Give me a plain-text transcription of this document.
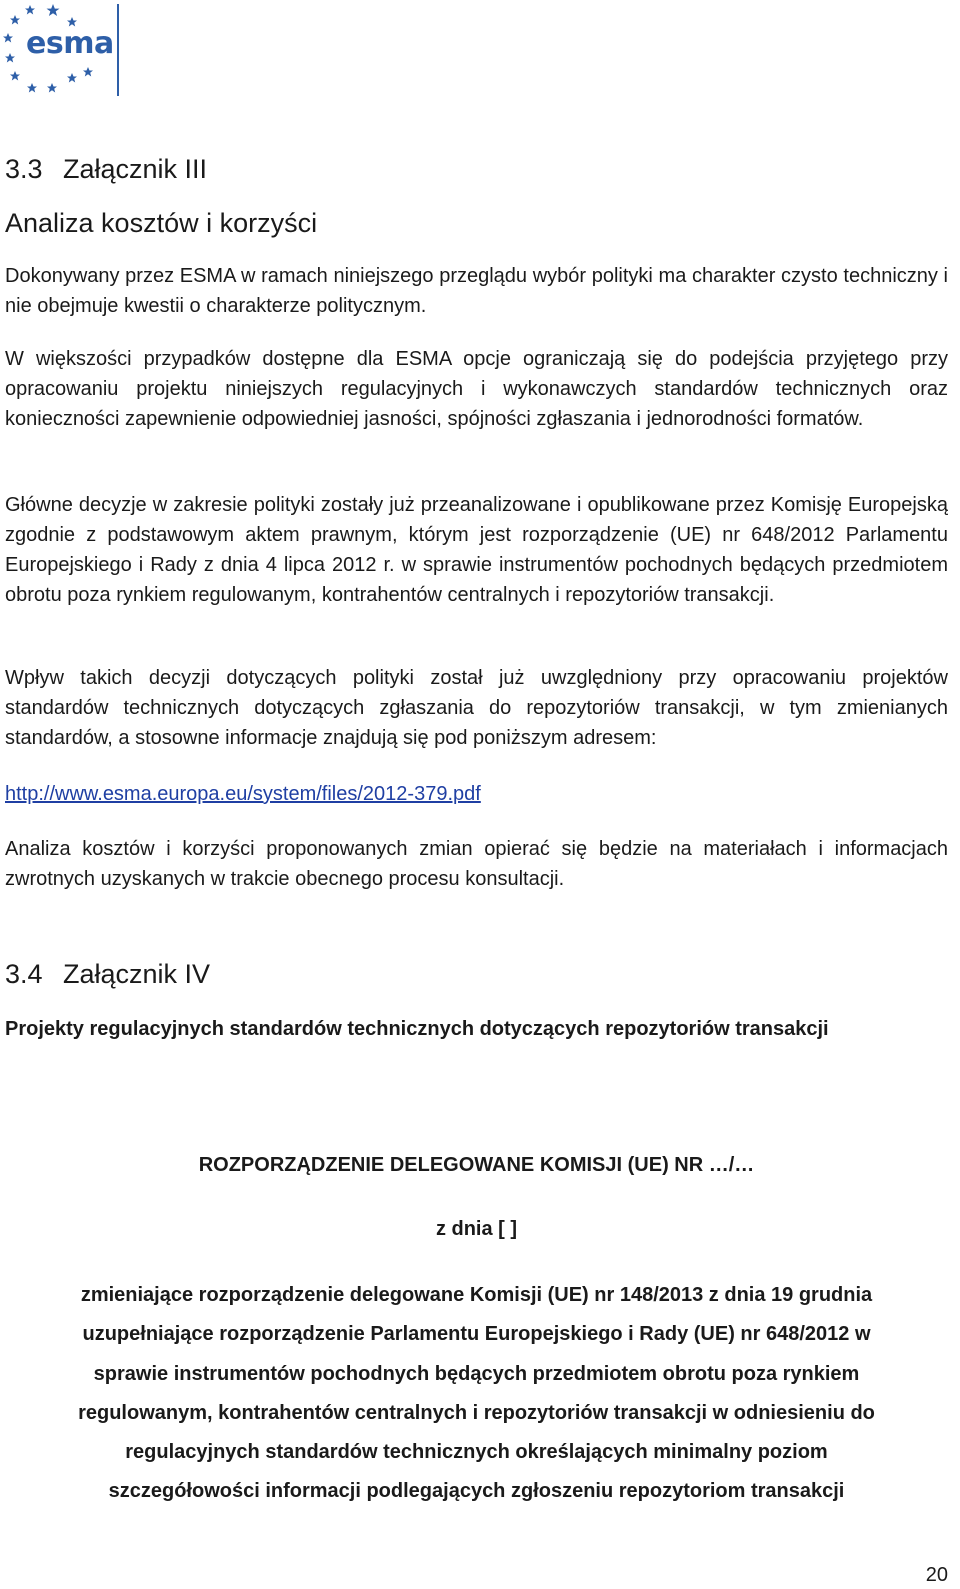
esma
3.3 Załącznik III
Analiza kosztów i korzyści

Dokonywany przez ESMA w ramach niniejszego przeglądu wybór polityki ma charakter czysto techniczny i nie obejmuje kwestii o charakterze politycznym.

W większości przypadków dostępne dla ESMA opcje ograniczają się do podejścia przyjętego przy opracowaniu projektu niniejszych regulacyjnych i wykonawczych standardów technicznych oraz konieczności zapewnienie odpowiedniej jasności, spójności zgłaszania i jednorodności formatów.

Główne decyzje w zakresie polityki zostały już przeanalizowane i opublikowane przez Komisję Europejską zgodnie z podstawowym aktem prawnym, którym jest rozporządzenie (UE) nr 648/2012 Parlamentu Europejskiego i Rady z dnia 4 lipca 2012 r. w sprawie instrumentów pochodnych będących przedmiotem obrotu poza rynkiem regulowanym, kontrahentów centralnych i repozytoriów transakcji.

Wpływ takich decyzji dotyczących polityki został już uwzględniony przy opracowaniu projektów standardów technicznych dotyczących zgłaszania do repozytoriów transakcji, w tym zmienianych standardów, a stosowne informacje znajdują się pod poniższym adresem:

http://www.esma.europa.eu/system/files/2012-379.pdf

Analiza kosztów i korzyści proponowanych zmian opierać się będzie na materiałach i informacjach zwrotnych uzyskanych w trakcie obecnego procesu konsultacji.

3.4 Załącznik IV
Projekty regulacyjnych standardów technicznych dotyczących repozytoriów transakcji
ROZPORZĄDZENIE DELEGOWANE KOMISJI (UE) NR …/…
z dnia [ ]
zmieniające rozporządzenie delegowane Komisji (UE) nr 148/2013 z dnia 19 grudnia
uzupełniające rozporządzenie Parlamentu Europejskiego i Rady (UE) nr 648/2012 w
sprawie instrumentów pochodnych będących przedmiotem obrotu poza rynkiem
regulowanym, kontrahentów centralnych i repozytoriów transakcji w odniesieniu do
regulacyjnych standardów technicznych określających minimalny poziom
szczegółowości informacji podlegających zgłoszeniu repozytoriom transakcji
20
